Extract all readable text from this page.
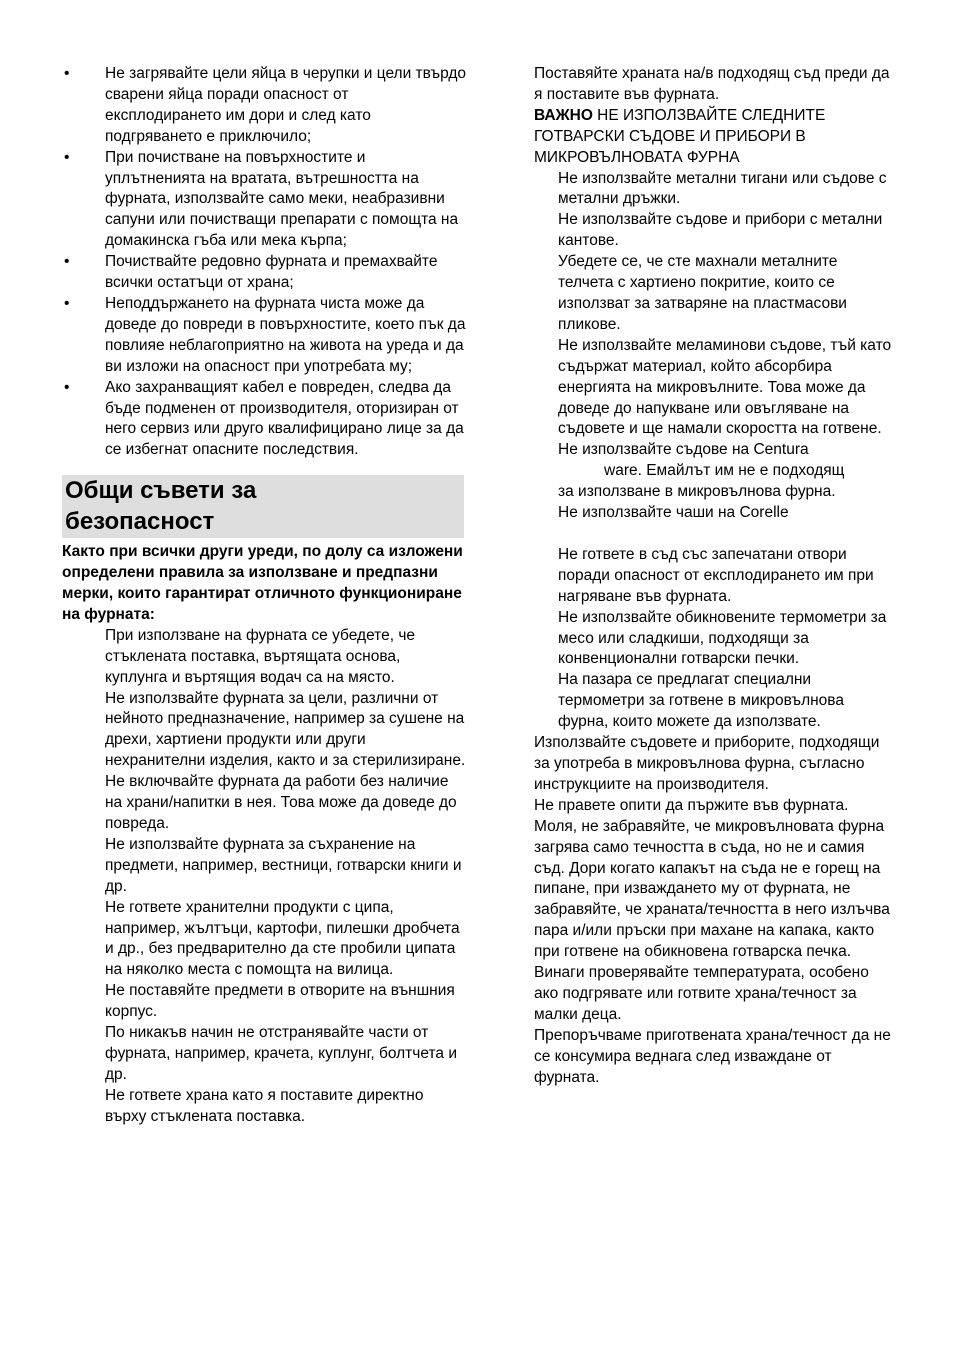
• Не загрявайте цели яйца в черупки и цели твърдо сварени яйца поради опасност от експлодирането им дори и след като подгряването е приключило;
• При почистване на повърхностите и уплътненията на вратата, вътрешността на фурната, използвайте само меки, неабразивни сапуни или почистващи препарати с помощта на домакинска гъба или мека кърпа;
• Почиствайте редовно фурната и премахвайте всички остатъци от храна;
• Неподдържането на фурната чиста може да доведе до повреди в повърхностите, което пък да повлияе неблагоприятно на живота на уреда и да ви изложи на опасност при употребата му;
• Ако захранващият кабел е повреден, следва да бъде подменен от производителя, оторизиран от него сервиз или друго квалифицирано лице за да се избегнат опасните последствия.
Общи съвети за
безопасност

Както при всички други уреди, по долу са изложени определени правила за използване и предпазни мерки, които гарантират отличното функциониране на фурната:

При използване на фурната се убедете, че стъклената поставка, въртящата основа, куплунга и въртящия водач са на място.

Не използвайте фурната за цели, различни от нейното предназначение, например за сушене на дрехи, хартиени продукти или други нехранителни изделия, както и за стерилизиране.

Не включвайте фурната да работи без наличие на храни/напитки в нея. Това може да доведе до повреда.

Не използвайте фурната за съхранение на предмети, например, вестници, готварски книги и др.

Не гответе хранителни продукти с ципа, например, жълтъци, картофи, пилешки дробчета и др., без предварително да сте пробили ципата на няколко места с помощта на вилица.

Не поставяйте предмети в отворите на външния корпус.

По никакъв начин не отстранявайте части от фурната, например, крачета, куплунг, болтчета и др.

Не гответе храна като я поставите директно върху стъклената поставка.

Поставяйте храната на/в подходящ съд преди да я поставите във фурната.

ВАЖНО НЕ ИЗПОЛЗВАЙТЕ СЛЕДНИТЕ ГОТВАРСКИ СЪДОВЕ И ПРИБОРИ В МИКРОВЪЛНОВАТА ФУРНА

Не използвайте метални тигани или съдове с метални дръжки.

Не използвайте съдове и прибори с метални кантове.

Убедете се, че сте махнали металните телчета с хартиено покритие, които се използват за затваряне на пластмасови пликове.

Не използвайте меламинови съдове, тъй като съдържат материал, който абсорбира енергията на микровълните. Това може да доведе до напукване или овъгляване на съдовете и ще намали скоростта на готвене.

Не използвайте съдове на Centura

ware. Емайлът им не е подходящ

за използване в микровълнова фурна.

Не използвайте чаши на Corelle

Не гответе в съд със запечатани отвори поради опасност от експлодирането им при нагряване във фурната.

Не използвайте обикновените термометри за месо или сладкиши, подходящи за конвенционални готварски печки.

На пазара се предлагат специални термометри за готвене в микровълнова фурна, които можете да използвате.

Използвайте съдовете и приборите, подходящи за употреба в микровълнова фурна, съгласно инструкциите на производителя.

Не правете опити да пържите във фурната.

Моля, не забравяйте, че микровълновата фурна загрява само течността в съда, но не и самия съд. Дори когато капакът на съда не е горещ на пипане, при изваждането му от фурната, не забравяйте, че храната/течността в него излъчва пара и/или пръски при махане на капака, както при готвене на обикновена готварска печка.

Винаги проверявайте температурата, особено ако подгрявате или готвите храна/течност за малки деца.

Препоръчваме приготвената храна/течност да не се консумира веднага след изваждане от фурната.
